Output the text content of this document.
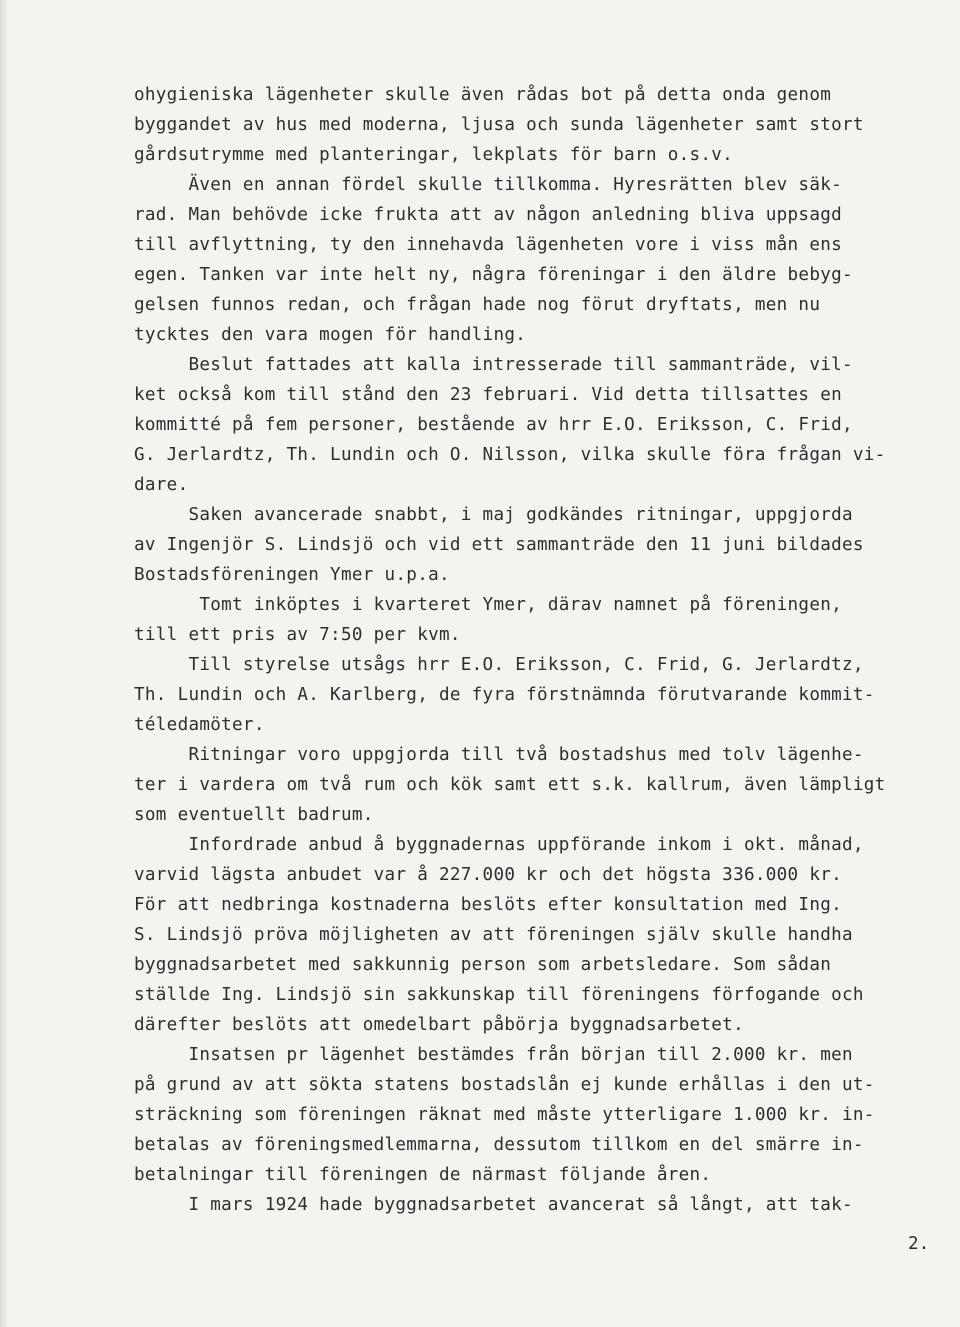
ohygieniska lägenheter skulle även rådas bot på detta onda genom
byggandet av hus med moderna, ljusa och sunda lägenheter samt stort
gårdsutrymme med planteringar, lekplats för barn o.s.v.
Även en annan fördel skulle tillkomma. Hyresrätten blev säk-
rad. Man behövde icke frukta att av någon anledning bliva uppsagd
till avflyttning, ty den innehavda lägenheten vore i viss mån ens
egen. Tanken var inte helt ny, några föreningar i den äldre bebyg-
gelsen funnos redan, och frågan hade nog förut dryftats, men nu
tycktes den vara mogen för handling.
Beslut fattades att kalla intresserade till sammanträde, vil-
ket också kom till stånd den 23 februari. Vid detta tillsattes en
kommitté på fem personer, bestående av hrr E.O. Eriksson, C. Frid,
G. Jerlardtz, Th. Lundin och O. Nilsson, vilka skulle föra frågan vi-
dare.
Saken avancerade snabbt, i maj godkändes ritningar, uppgjorda
av Ingenjör S. Lindsjö och vid ett sammanträde den 11 juni bildades
Bostadsföreningen Ymer u.p.a.
Tomt inköptes i kvarteret Ymer, därav namnet på föreningen,
till ett pris av 7:50 per kvm.
Till styrelse utsågs hrr E.O. Eriksson, C. Frid, G. Jerlardtz,
Th. Lundin och A. Karlberg, de fyra förstnämnda förutvarande kommit-
téledamöter.
Ritningar voro uppgjorda till två bostadshus med tolv lägenhe-
ter i vardera om två rum och kök samt ett s.k. kallrum, även lämpligt
som eventuellt badrum.
Infordrade anbud å byggnadernas uppförande inkom i okt. månad,
varvid lägsta anbudet var å 227.000 kr och det högsta 336.000 kr.
För att nedbringa kostnaderna beslöts efter konsultation med Ing.
S. Lindsjö pröva möjligheten av att föreningen själv skulle handha
byggnadsarbetet med sakkunnig person som arbetsledare. Som sådan
ställde Ing. Lindsjö sin sakkunskap till föreningens förfogande och
därefter beslöts att omedelbart påbörja byggnadsarbetet.
Insatsen pr lägenhet bestämdes från början till 2.000 kr. men
på grund av att sökta statens bostadslån ej kunde erhållas i den ut-
sträckning som föreningen räknat med måste ytterligare 1.000 kr. in-
betalas av föreningsmedlemmarna, dessutom tillkom en del smärre in-
betalningar till föreningen de närmast följande åren.
I mars 1924 hade byggnadsarbetet avancerat så långt, att tak-
2.
